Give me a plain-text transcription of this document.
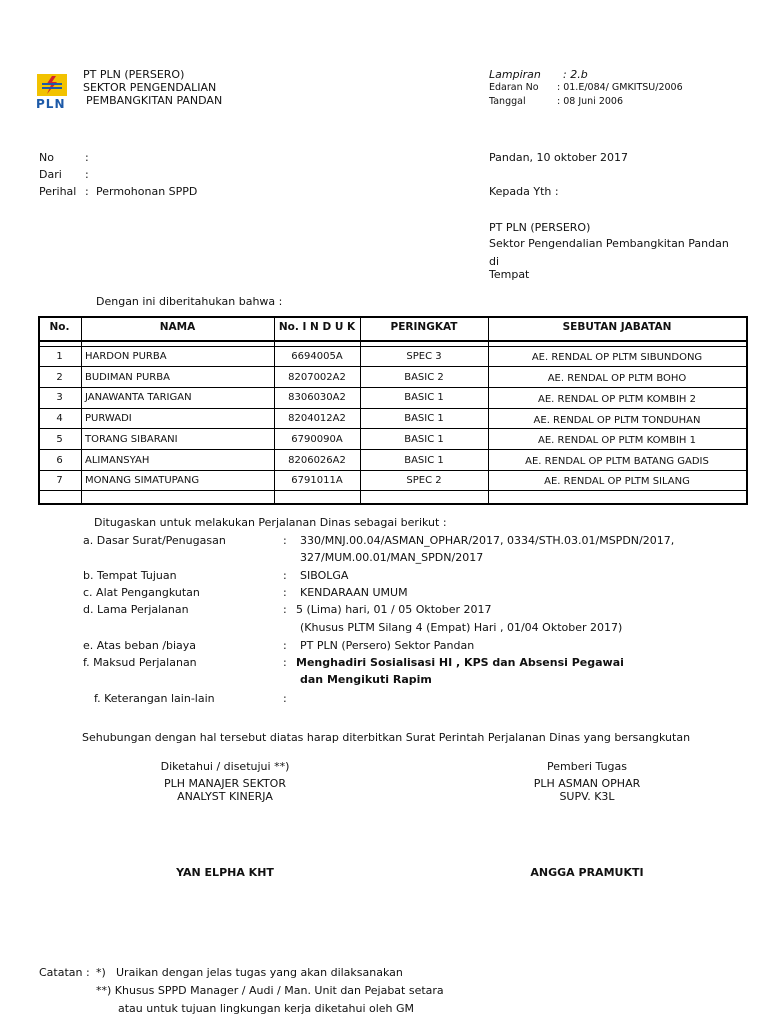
PLN
PT PLN (PERSERO)
SEKTOR PENGENDALIAN
PEMBANGKITAN PANDAN
Lampiran : 2.b
Edaran No : 01.E/084/ GMKITSU/2006
Tanggal	: 08 Juni 2006
No	:
Dari :
Perihal : Permohonan SPPD
Pandan, 10 oktober 2017
Kepada Yth :
PT PLN (PERSERO)
Sektor Pengendalian Pembangkitan Pandan
di
Tempat
Dengan ini diberitahukan bahwa :
No.	NAMA	No. I N D U K	PERINGKAT	SEBUTAN JABATAN
1	HARDON PURBA	6694005A	SPEC 3	AE. RENDAL OP PLTM SIBUNDONG
2	BUDIMAN PURBA	8207002A2	BASIC 2	AE. RENDAL OP PLTM BOHO
3	JANAWANTA TARIGAN	8306030A2	BASIC 1	AE. RENDAL OP PLTM KOMBIH 2
4	PURWADI	8204012A2	BASIC 1	AE. RENDAL OP PLTM TONDUHAN
5	TORANG SIBARANI	6790090A	BASIC 1	AE. RENDAL OP PLTM KOMBIH 1
6	ALIMANSYAH	8206026A2	BASIC 1	AE. RENDAL OP PLTM BATANG GADIS
7	MONANG SIMATUPANG	6791011A	SPEC 2	AE. RENDAL OP PLTM SILANG
Ditugaskan untuk melakukan Perjalanan Dinas sebagai berikut :
a. Dasar Surat/Penugasan	: 330/MNJ.00.04/ASMAN_OPHAR/2017, 0334/STH.03.01/MSPDN/2017,
327/MUM.00.01/MAN_SPDN/2017
b. Tempat Tujuan	: SIBOLGA
c. Alat Pengangkutan	: KENDARAAN UMUM
d. Lama Perjalanan	: 5 (Lima) hari, 01 / 05 Oktober 2017
(Khusus PLTM Silang 4 (Empat) Hari , 01/04 Oktober 2017)
e. Atas beban /biaya	: PT PLN (Persero) Sektor Pandan
f. Maksud Perjalanan	: Menghadiri Sosialisasi HI , KPS dan Absensi Pegawai
dan Mengikuti Rapim
f. Keterangan lain-lain	:
Sehubungan dengan hal tersebut diatas harap diterbitkan Surat Perintah Perjalanan Dinas yang bersangkutan
Diketahui / disetujui **)
PLH MANAJER SEKTOR
ANALYST KINERJA
YAN ELPHA KHT
Pemberi Tugas
PLH ASMAN OPHAR
SUPV. K3L
ANGGA PRAMUKTI
Catatan : *) Uraikan dengan jelas tugas yang akan dilaksanakan
**) Khusus SPPD Manager / Audi / Man. Unit dan Pejabat setara
atau untuk tujuan lingkungan kerja diketahui oleh GM
